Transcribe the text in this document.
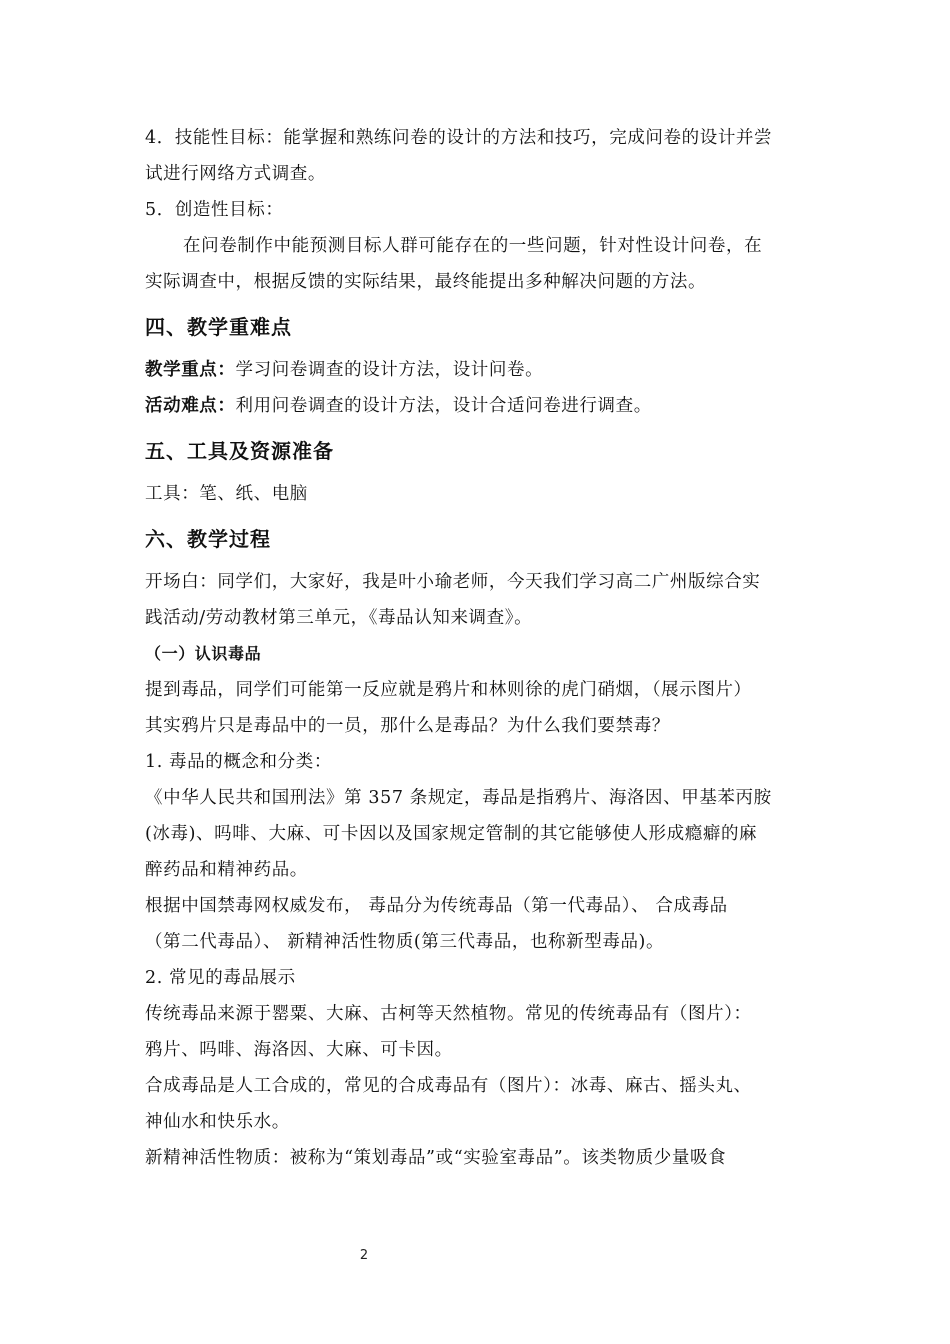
4．技能性目标：能掌握和熟练问卷的设计的方法和技巧，完成问卷的设计并尝
试进行网络方式调查。
5．创造性目标：
在问卷制作中能预测目标人群可能存在的一些问题，针对性设计问卷，在
实际调查中，根据反馈的实际结果，最终能提出多种解决问题的方法。
四、教学重难点
教学重点：学习问卷调查的设计方法，设计问卷。
活动难点：利用问卷调查的设计方法，设计合适问卷进行调查。
五、工具及资源准备
工具：笔、纸、电脑
六、教学过程
开场白：同学们，大家好，我是叶小瑜老师，今天我们学习高二广州版综合实
践活动/劳动教材第三单元，《毒品认知来调查》。
（一）认识毒品
提到毒品，同学们可能第一反应就是鸦片和林则徐的虎门硝烟，（展示图片）
其实鸦片只是毒品中的一员，那什么是毒品？为什么我们要禁毒？
1. 毒品的概念和分类：
《中华人民共和国刑法》第 357 条规定，毒品是指鸦片、海洛因、甲基苯丙胺
(冰毒)、吗啡、大麻、可卡因以及国家规定管制的其它能够使人形成瘾癖的麻
醉药品和精神药品。
根据中国禁毒网权威发布， 毒品分为传统毒品（第一代毒品）、 合成毒品
（第二代毒品）、 新精神活性物质(第三代毒品，也称新型毒品)。
2. 常见的毒品展示
传统毒品来源于罂粟、大麻、古柯等天然植物。常见的传统毒品有（图片）：
鸦片、吗啡、海洛因、大麻、可卡因。
合成毒品是人工合成的，常见的合成毒品有（图片）：冰毒、麻古、摇头丸、
神仙水和快乐水。
新精神活性物质：被称为“策划毒品”或“实验室毒品”。该类物质少量吸食
2
